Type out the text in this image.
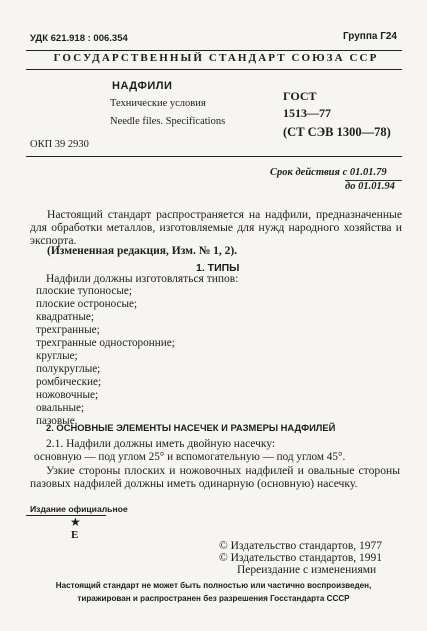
УДК 621.918 : 006.354	Группа Г24
ГОСУДАРСТВЕННЫЙ СТАНДАРТ СОЮЗА ССР
НАДФИЛИ
Технические условия
Needle files. Specifications
ОКП 39 2930
ГОСТ
1513—77
(СТ СЭВ 1300—78)
Срок действия с 01.01.79
до 01.01.94
Настоящий стандарт распространяется на надфили, предназначенные для обработки металлов, изготовляемые для нужд народного хозяйства и экспорта.
(Измененная редакция, Изм. № 1, 2).
1. ТИПЫ
Надфили должны изготовляться типов:
плоские тупоносые;
плоские остроносые;
квадратные;
трехгранные;
трехгранные односторонние;
круглые;
полукруглые;
ромбические;
ножовочные;
овальные;
пазовые.
2. ОСНОВНЫЕ ЭЛЕМЕНТЫ НАСЕЧЕК И РАЗМЕРЫ НАДФИЛЕЙ
2.1. Надфили должны иметь двойную насечку:
основную — под углом 25° и вспомогательную — под углом 45°.
Узкие стороны плоских и ножовочных надфилей и овальные стороны пазовых надфилей должны иметь одинарную (основную) насечку.
Издание официальное
★
Е
© Издательство стандартов, 1977
© Издательство стандартов, 1991
Переиздание с изменениями
Настоящий стандарт не может быть полностью или частично воспроизведен,
тиражирован и распространен без разрешения Госстандарта СССР
